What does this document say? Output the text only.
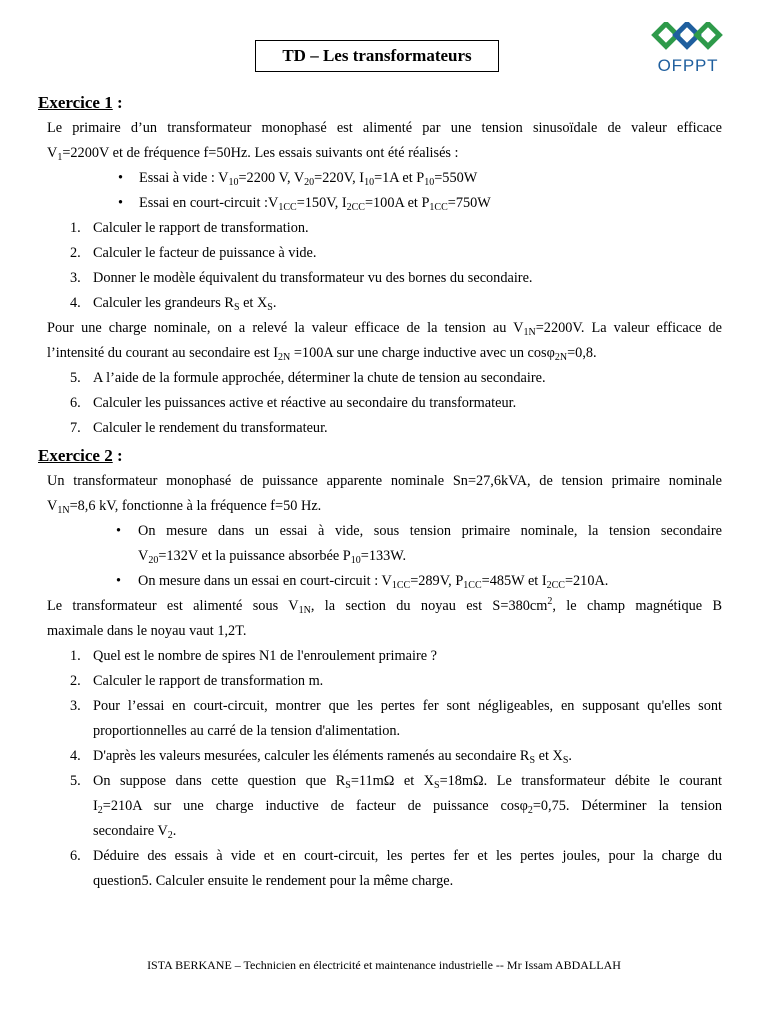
TD – Les transformateurs
OFPPT
Exercice 1 :

Le primaire d’un transformateur monophasé est alimenté par une tension sinusoïdale de valeur efficace

$V_1=2200V$ et de fréquence f=50Hz. Les essais suivants ont été réalisés :

•	Essai à vide : $V_{10}=2200$ V, $V_{20}=220V$, $I_{10}=1A$ et $P_{10}=550W$
•	Essai en court-circuit $:V_{1CC}=150V$, $I_{2CC}=100A$ et $P_{1CC}=750W$
1. Calculer le rapport de transformation.
2. Calculer le facteur de puissance à vide.
3. Donner le modèle équivalent du transformateur vu des bornes du secondaire.
4. Calculer les grandeurs $R_S$ et $X_S$.

Pour une charge nominale, on a relevé la valeur efficace de la tension au $V_{1N}=2200V$. La valeur efficace de

l’intensité du courant au secondaire est $I_{2N} =100A$ sur une charge inductive avec un cosφ$_{2N}$=0,8.

5. A l’aide de la formule approchée, déterminer la chute de tension au secondaire.
6. Calculer les puissances active et réactive au secondaire du transformateur.
7. Calculer le rendement du transformateur.
Exercice 2 :

Un transformateur monophasé de puissance apparente nominale Sn=27,6kVA, de tension primaire nominale

$V_{1N}=8,6$ kV, fonctionne à la fréquence f=50 Hz.

•	On mesure dans un essai à vide, sous tension primaire nominale, la tension secondaire
$V_{20}=132V$ et la puissance absorbée $P_{10}=133W$.
•	On mesure dans un essai en court-circuit : $V_{1CC}=289V$, $P_{1CC}=485W$ et $I_{2CC}=210A$.

Le transformateur est alimenté sous $V_{1N}$, la section du noyau est $S=380cm^2$, le champ magnétique B

maximale dans le noyau vaut 1,2T.

1. Quel est le nombre de spires N1 de l'enroulement primaire ?
2. Calculer le rapport de transformation m.
3. Pour l’essai en court-circuit, montrer que les pertes fer sont négligeables, en supposant qu'elles sont
proportionnelles au carré de la tension d'alimentation.
4. D'après les valeurs mesurées, calculer les éléments ramenés au secondaire $R_S$ et $X_S$.
5. On suppose dans cette question que $R_S=11m\Omega$ et $X_S=18m\Omega$. Le transformateur débite le courant
$I_2=210A$ sur une charge inductive de facteur de puissance cosφ$_2$=0,75. Déterminer la tension
secondaire $V_2$.
6. Déduire des essais à vide et en court-circuit, les pertes fer et les pertes joules, pour la charge du
question5. Calculer ensuite le rendement pour la même charge.
ISTA BERKANE – Technicien en électricité et maintenance industrielle -- Mr Issam ABDALLAH
